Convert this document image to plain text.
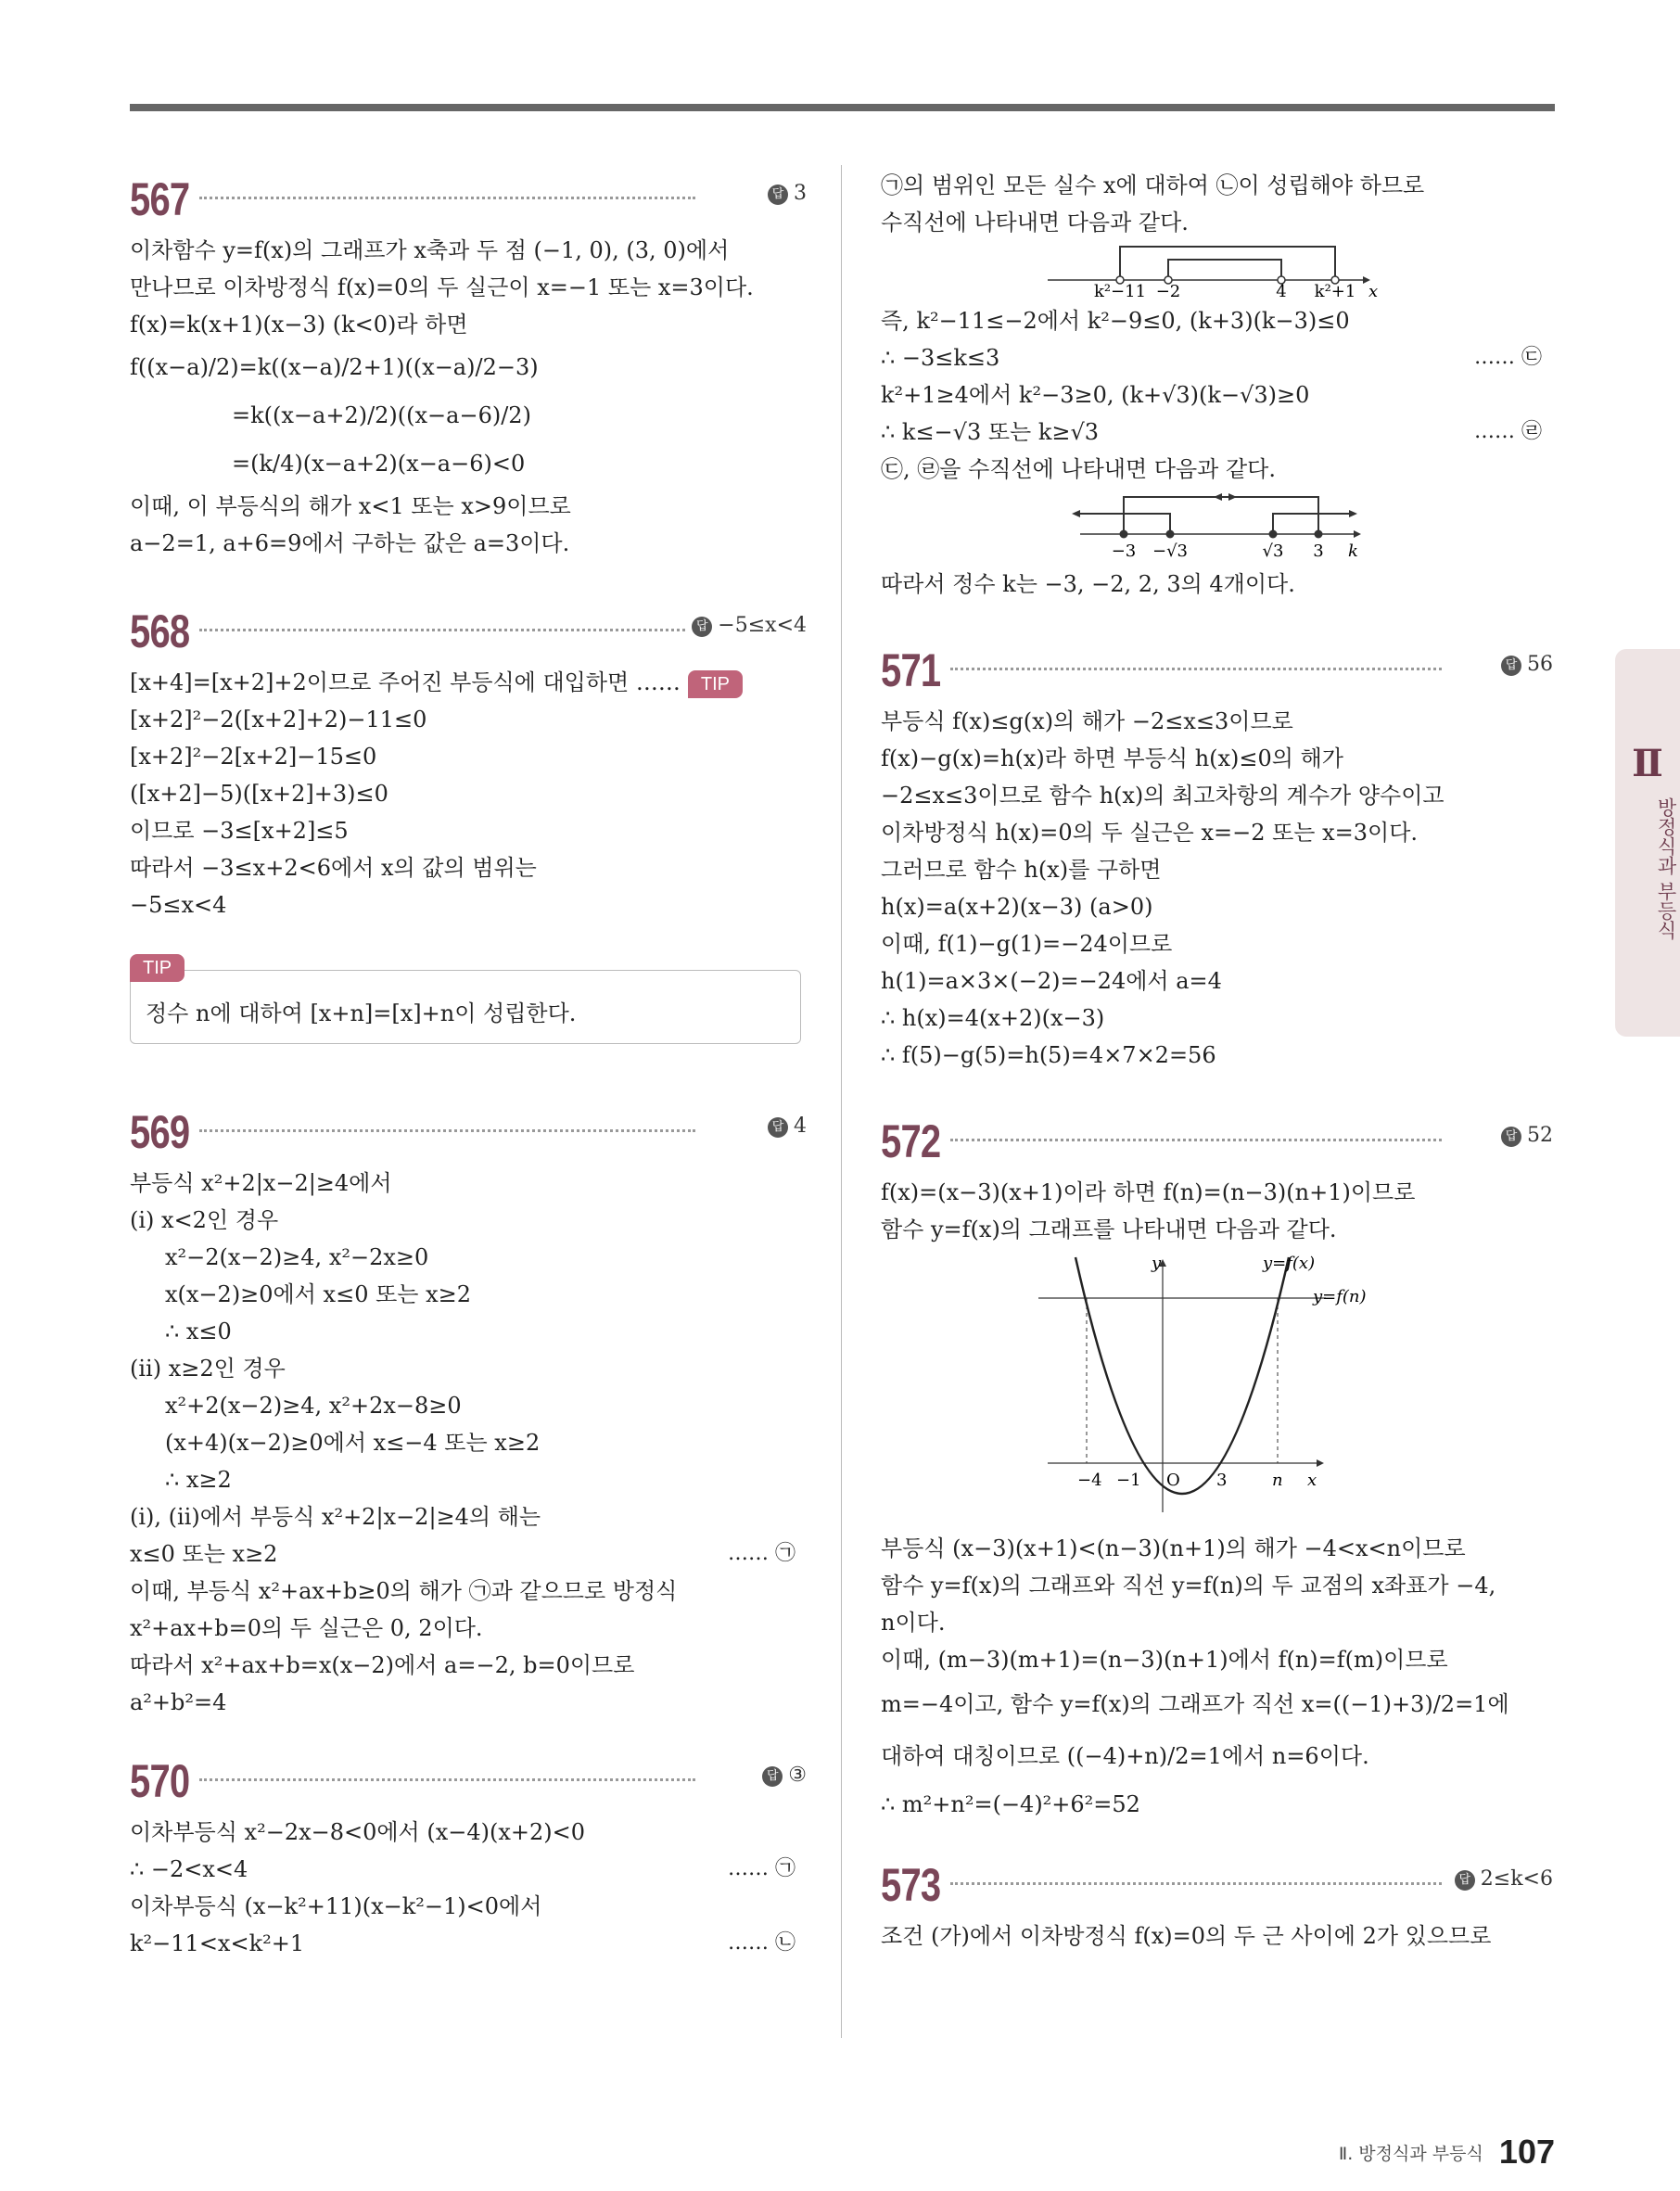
567	답 3
이차함수 y=f(x)의 그래프가 x축과 두 점 (−1, 0), (3, 0)에서
만나므로 이차방정식 f(x)=0의 두 실근이 x=−1 또는 x=3이다.
f(x)=k(x+1)(x−3) (k<0)라 하면
f((x−a)/2)=k((x−a)/2+1)((x−a)/2−3)
=k((x−a+2)/2)((x−a−6)/2)
=(k/4)(x−a+2)(x−a−6)<0
이때, 이 부등식의 해가 x<1 또는 x>9이므로
a−2=1, a+6=9에서 구하는 값은 a=3이다.
568	답 −5≤x<4
[x+4]=[x+2]+2이므로 주어진 부등식에 대입하면 …… TIP
[x+2]²−2([x+2]+2)−11≤0
[x+2]²−2[x+2]−15≤0
([x+2]−5)([x+2]+3)≤0
이므로 −3≤[x+2]≤5
따라서 −3≤x+2<6에서 x의 값의 범위는
−5≤x<4
TIP
정수 n에 대하여 [x+n]=[x]+n이 성립한다.
569	답 4
부등식 x²+2|x−2|≥4에서
(ⅰ) x<2인 경우
x²−2(x−2)≥4, x²−2x≥0
x(x−2)≥0에서 x≤0 또는 x≥2
∴ x≤0
(ⅱ) x≥2인 경우
x²+2(x−2)≥4, x²+2x−8≥0
(x+4)(x−2)≥0에서 x≤−4 또는 x≥2
∴ x≥2
(ⅰ), (ⅱ)에서 부등식 x²+2|x−2|≥4의 해는
x≤0 또는 x≥2	…… ㉠
이때, 부등식 x²+ax+b≥0의 해가 ㉠과 같으므로 방정식
x²+ax+b=0의 두 실근은 0, 2이다.
따라서 x²+ax+b=x(x−2)에서 a=−2, b=0이므로
a²+b²=4
570	답 ③
이차부등식 x²−2x−8<0에서 (x−4)(x+2)<0
∴ −2<x<4	…… ㉠
이차부등식 (x−k²+11)(x−k²−1)<0에서
k²−11<x<k²+1	…… ㉡
㉠의 범위인 모든 실수 x에 대하여 ㉡이 성립해야 하므로
수직선에 나타내면 다음과 같다.
k²−11 −2	4 k²+1 x
즉, k²−11≤−2에서 k²−9≤0, (k+3)(k−3)≤0
∴ −3≤k≤3	…… ㉢
k²+1≥4에서 k²−3≥0, (k+√3)(k−√3)≥0
∴ k≤−√3 또는 k≥√3	…… ㉣
㉢, ㉣을 수직선에 나타내면 다음과 같다.
−3 −√3	√3 3 k
따라서 정수 k는 −3, −2, 2, 3의 4개이다.
571	답 56
부등식 f(x)≤g(x)의 해가 −2≤x≤3이므로
f(x)−g(x)=h(x)라 하면 부등식 h(x)≤0의 해가
−2≤x≤3이므로 함수 h(x)의 최고차항의 계수가 양수이고
이차방정식 h(x)=0의 두 실근은 x=−2 또는 x=3이다.
그러므로 함수 h(x)를 구하면
h(x)=a(x+2)(x−3) (a>0)
이때, f(1)−g(1)=−24이므로
h(1)=a×3×(−2)=−24에서 a=4
∴ h(x)=4(x+2)(x−3)
∴ f(5)−g(5)=h(5)=4×7×2=56
572	답 52
f(x)=(x−3)(x+1)이라 하면 f(n)=(n−3)(n+1)이므로
함수 y=f(x)의 그래프를 나타내면 다음과 같다.
y	y=f(x)
y=f(n)
−4 −1 O 3	n x
부등식 (x−3)(x+1)<(n−3)(n+1)의 해가 −4<x<n이므로
함수 y=f(x)의 그래프와 직선 y=f(n)의 두 교점의 x좌표가 −4,
n이다.
이때, (m−3)(m+1)=(n−3)(n+1)에서 f(n)=f(m)이므로
m=−4이고, 함수 y=f(x)의 그래프가 직선 x=((−1)+3)/2=1에
대하여 대칭이므로 ((−4)+n)/2=1에서 n=6이다.
∴ m²+n²=(−4)²+6²=52
573	답 2≤k<6
조건 (가)에서 이차방정식 f(x)=0의 두 근 사이에 2가 있으므로
Ⅱ
방정식과 부등식
Ⅱ. 방정식과 부등식 107
